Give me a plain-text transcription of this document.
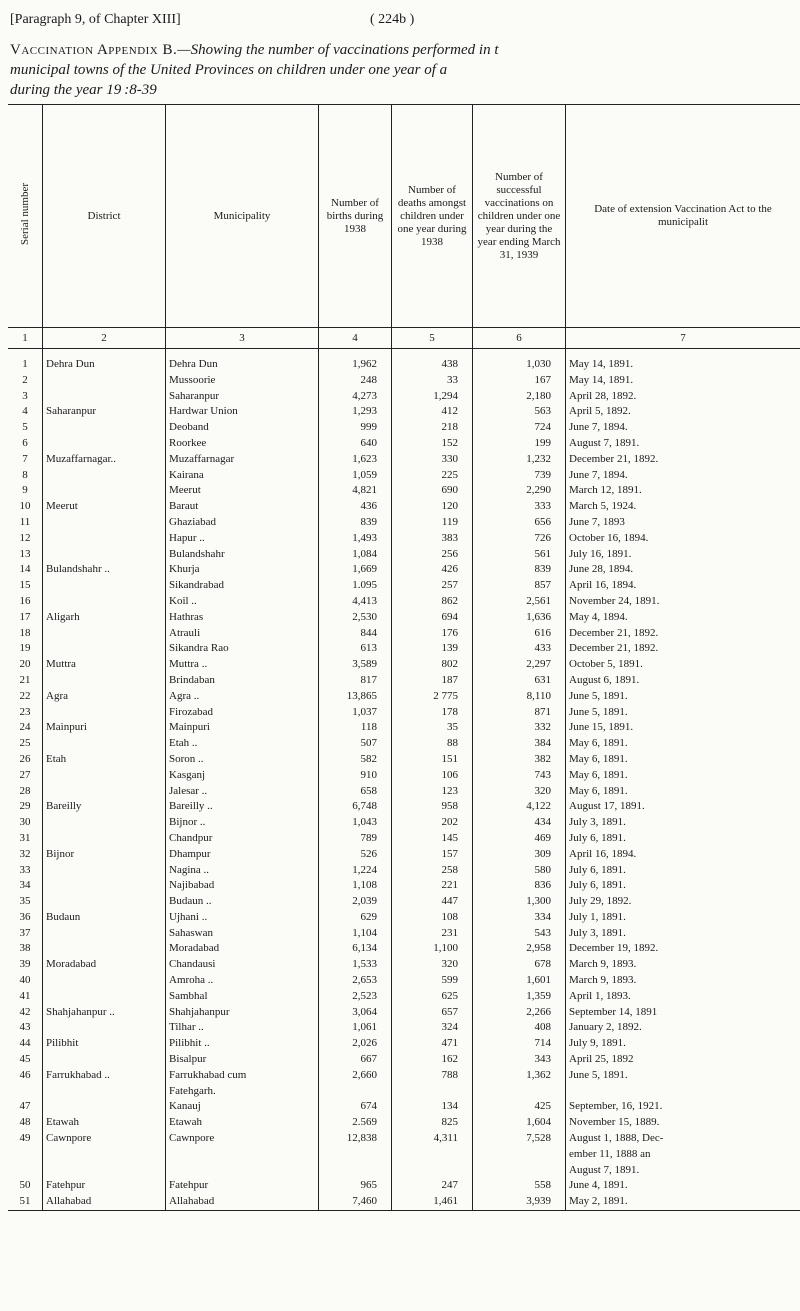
[Paragraph 9, of Chapter XIII]	( 224b )
Vaccination Appendix B.—Showing the number of vaccinations performed in t
municipal towns of the United Provinces on children under one year of a
during the year 19 :8-39
Serial number	District	Municipality	Number of births during 1938	Number of deaths amongst children under one year during 1938	Number of successful vaccinations on children under one year during the year ending March 31, 1939	Date of extension Vaccination Act to the municipalit
1	2	3	4	5	6	7
1	Dehra Dun	Dehra Dun	1,962	438	1,030	May 14, 1891.
2		Mussoorie	248	33	167	May 14, 1891.
3		Saharanpur	4,273	1,294	2,180	April 28, 1892.
4	Saharanpur	Hardwar Union	1,293	412	563	April 5, 1892.
5		Deoband	999	218	724	June 7, 1894.
6		Roorkee	640	152	199	August 7, 1891.
7	Muzaffarnagar..	Muzaffarnagar	1,623	330	1,232	December 21, 1892.
8		Kairana	1,059	225	739	June 7, 1894.
9		Meerut	4,821	690	2,290	March 12, 1891.
10	Meerut	Baraut	436	120	333	March 5, 1924.
11		Ghaziabad	839	119	656	June 7, 1893
12		Hapur ..	1,493	383	726	October 16, 1894.
13		Bulandshahr	1,084	256	561	July 16, 1891.
14	Bulandshahr ..	Khurja	1,669	426	839	June 28, 1894.
15		Sikandrabad	1.095	257	857	April 16, 1894.
16		Koil ..	4,413	862	2,561	November 24, 1891.
17	Aligarh	Hathras	2,530	694	1,636	May 4, 1894.
18		Atrauli	844	176	616	December 21, 1892.
19		Sikandra Rao	613	139	433	December 21, 1892.
20	Muttra	Muttra ..	3,589	802	2,297	October 5, 1891.
21		Brindaban	817	187	631	August 6, 1891.
22	Agra	Agra ..	13,865	2 775	8,110	June 5, 1891.
23		Firozabad	1,037	178	871	June 5, 1891.
24	Mainpuri	Mainpuri	118	35	332	June 15, 1891.
25		Etah ..	507	88	384	May 6, 1891.
26	Etah	Soron ..	582	151	382	May 6, 1891.
27		Kasganj	910	106	743	May 6, 1891.
28		Jalesar ..	658	123	320	May 6, 1891.
29	Bareilly	Bareilly ..	6,748	958	4,122	August 17, 1891.
30		Bijnor ..	1,043	202	434	July 3, 1891.
31		Chandpur	789	145	469	July 6, 1891.
32	Bijnor	Dhampur	526	157	309	April 16, 1894.
33		Nagina ..	1,224	258	580	July 6, 1891.
34		Najibabad	1,108	221	836	July 6, 1891.
35		Budaun ..	2,039	447	1,300	July 29, 1892.
36	Budaun	Ujhani ..	629	108	334	July 1, 1891.
37		Sahaswan	1,104	231	543	July 3, 1891.
38		Moradabad	6,134	1,100	2,958	December 19, 1892.
39	Moradabad	Chandausi	1,533	320	678	March 9, 1893.
40		Amroha ..	2,653	599	1,601	March 9, 1893.
41		Sambhal	2,523	625	1,359	April 1, 1893.
42	Shahjahanpur ..	Shahjahanpur	3,064	657	2,266	September 14, 1891
43		Tilhar ..	1,061	324	408	January 2, 1892.
44	Pilibhit	Pilibhit ..	2,026	471	714	July 9, 1891.
45		Bisalpur	667	162	343	April 25, 1892
46	Farrukhabad ..	Farrukhabad cum	2,660	788	1,362	June 5, 1891.
		Fatehgarh.				
47		Kanauj	674	134	425	September, 16, 1921.
48	Etawah	Etawah	2.569	825	1,604	November 15, 1889.
49	Cawnpore	Cawnpore	12,838	4,311	7,528	August 1, 1888, Dec-
						ember 11, 1888 an
						August 7, 1891.
50	Fatehpur	Fatehpur	965	247	558	June 4, 1891.
51	Allahabad	Allahabad	7,460	1,461	3,939	May 2, 1891.
